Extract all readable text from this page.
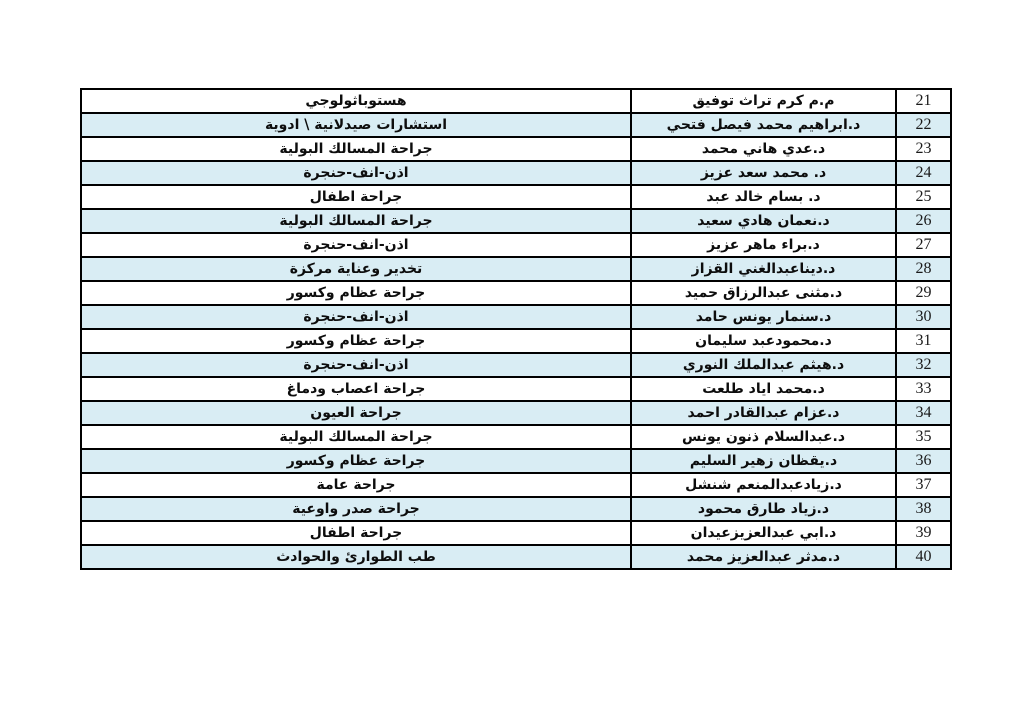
21	م.م كرم تراث توفيق	هستوباثولوجي
22	د.ابراهيم محمد فيصل فتحي	استشارات صيدلانية \ ادوية
23	د.عدي هاني محمد	جراحة المسالك البولية
24	د. محمد سعد عزيز	اذن-انف-حنجرة
25	د. بسام خالد عبد	جراحة اطفال
26	د.نعمان هادي سعيد	جراحة المسالك البولية
27	د.براء ماهر عزيز	اذن-انف-حنجرة
28	د.ديناعبدالغني القزاز	تخدير وعناية مركزة
29	د.مثنى عبدالرزاق حميد	جراحة عظام وكسور
30	د.سنمار يونس حامد	اذن-انف-حنجرة
31	د.محمودعبد سليمان	جراحة عظام وكسور
32	د.هيثم عبدالملك النوري	اذن-انف-حنجرة
33	د.محمد اياد طلعت	جراحة اعصاب ودماغ
34	د.عزام عبدالقادر احمد	جراحة العيون
35	د.عبدالسلام ذنون يونس	جراحة المسالك البولية
36	د.يقظان زهير السليم	جراحة عظام وكسور
37	د.زيادعبدالمنعم شنشل	جراحة عامة
38	د.زياد طارق محمود	جراحة صدر واوعية
39	د.ابي عبدالعزيزعيدان	جراحة اطفال
40	د.مدثر عبدالعزيز محمد	طب الطوارئ والحوادث
